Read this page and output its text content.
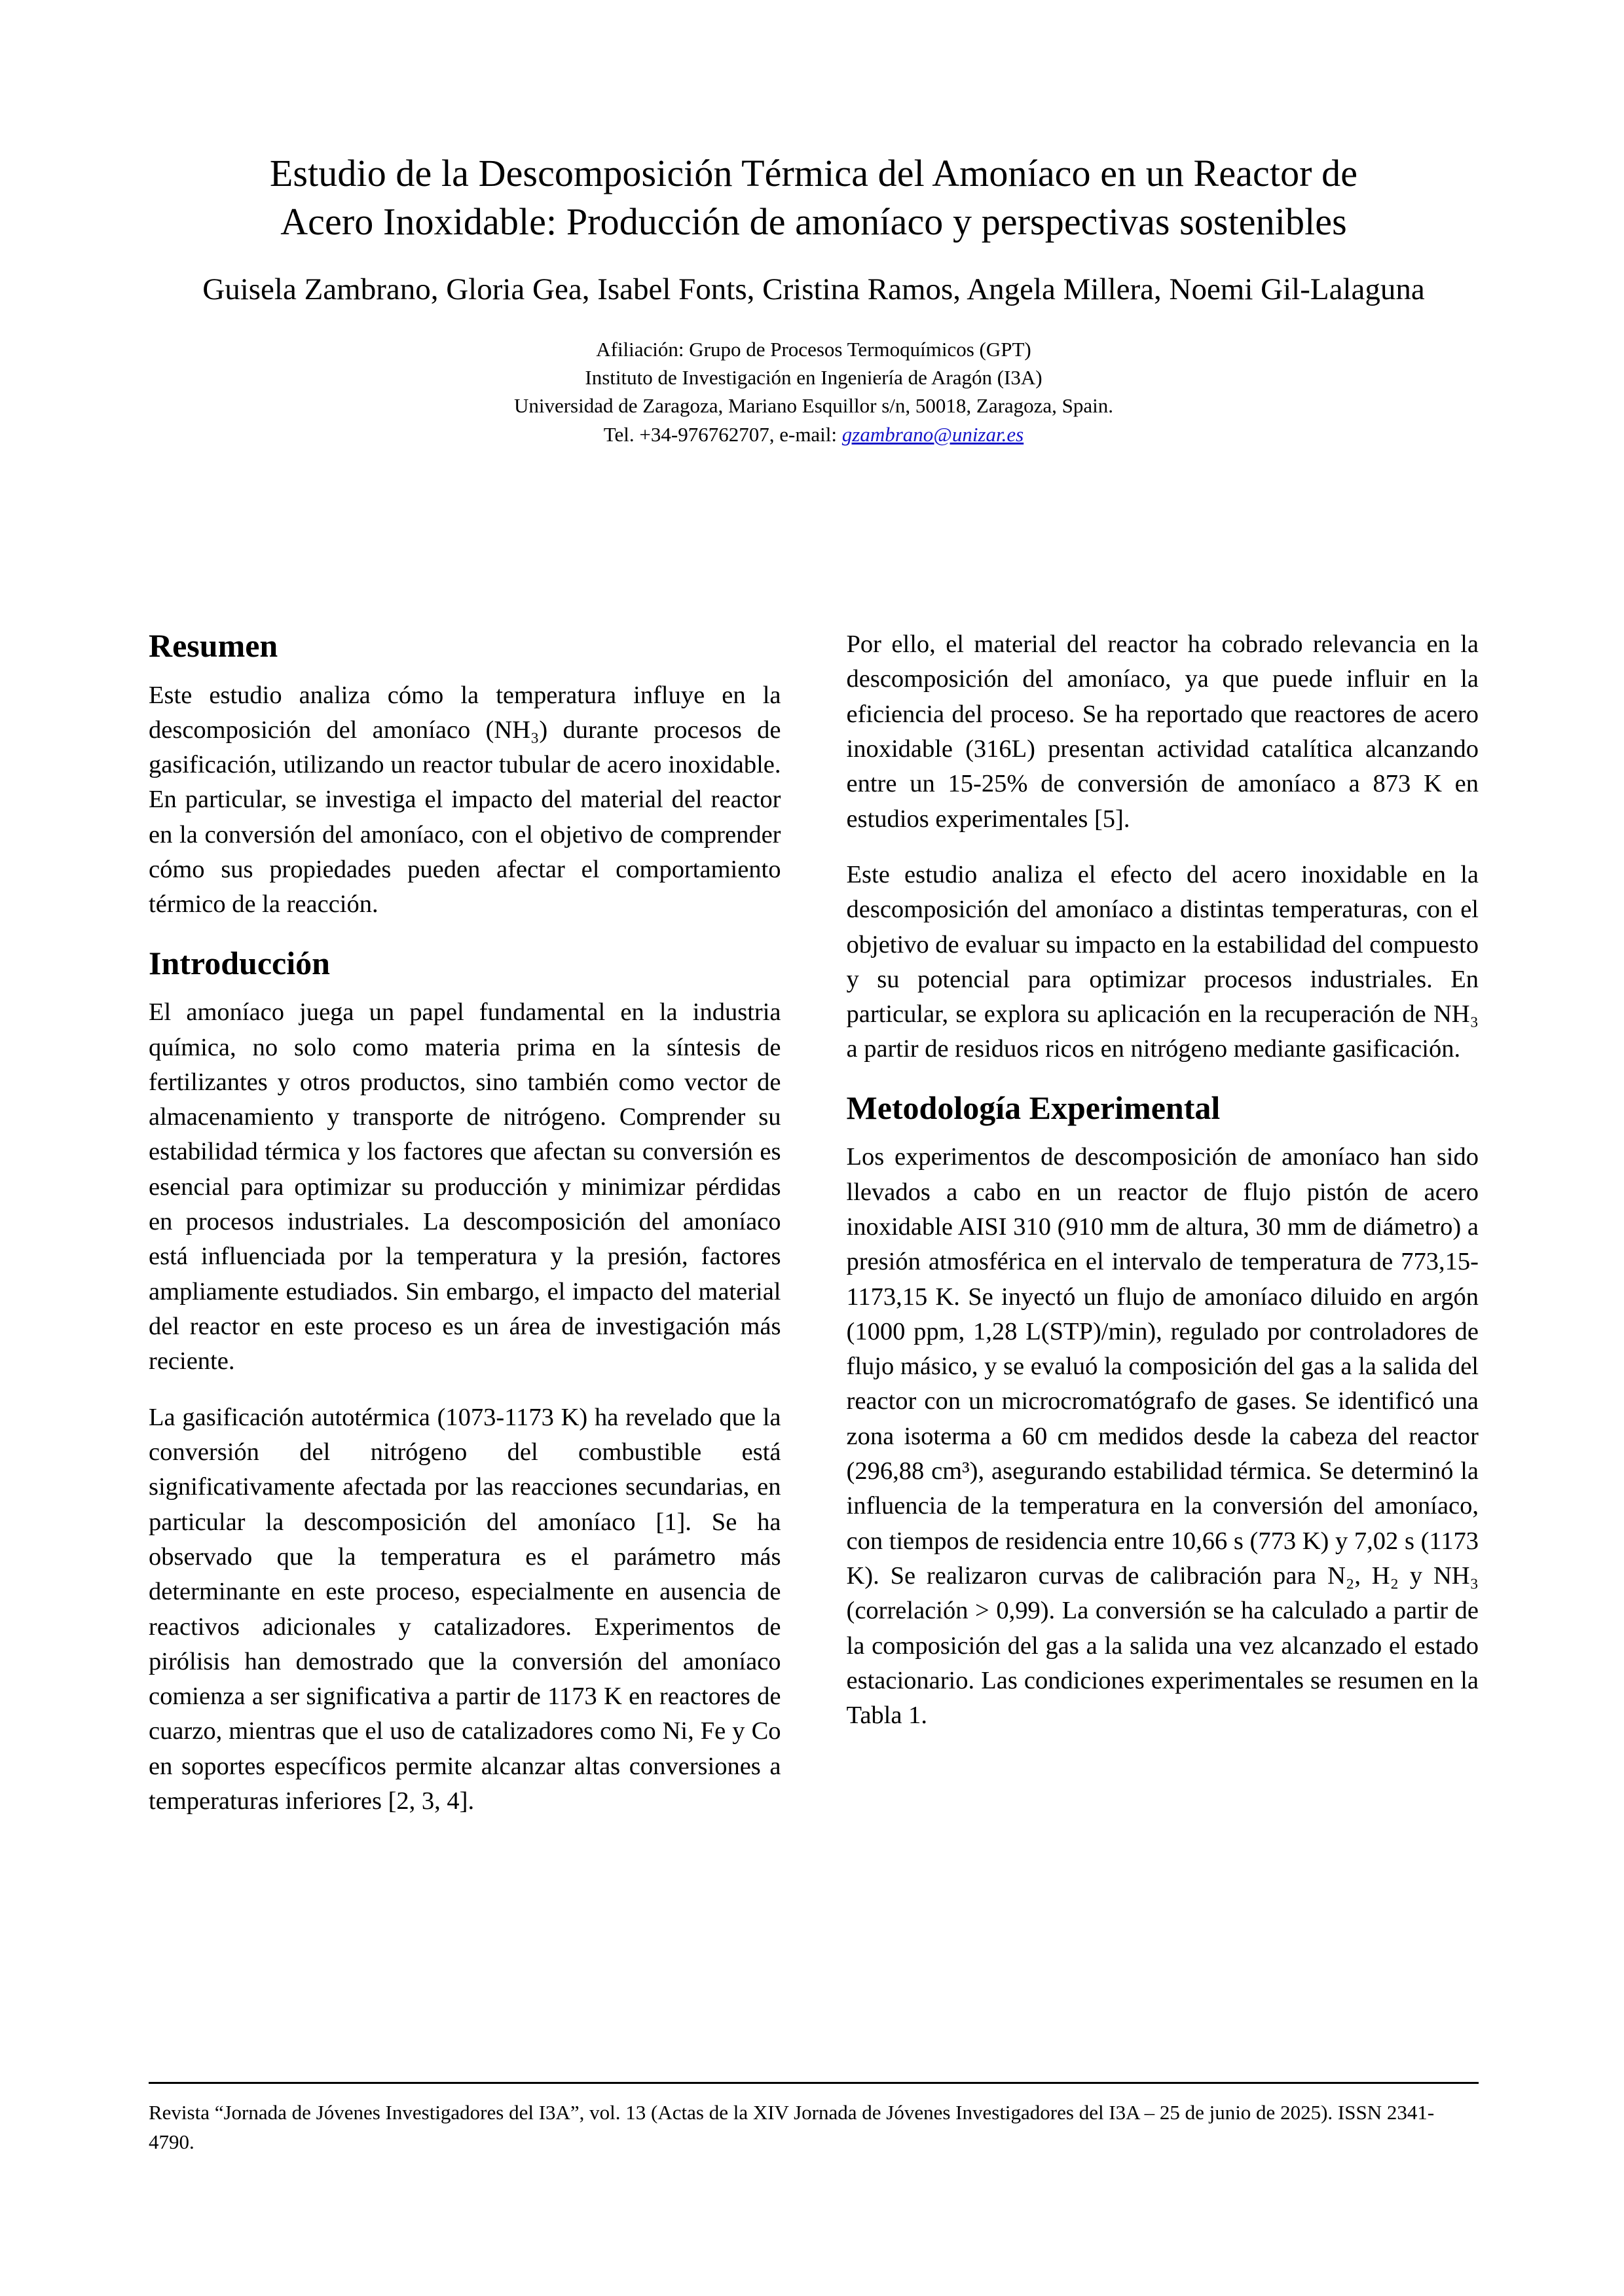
Estudio de la Descomposición Térmica del Amoníaco en un Reactor de Acero Inoxidable: Producción de amoníaco y perspectivas sostenibles
Guisela Zambrano, Gloria Gea, Isabel Fonts, Cristina Ramos, Angela Millera, Noemi Gil-Lalaguna
Afiliación: Grupo de Procesos Termoquímicos (GPT)
Instituto de Investigación en Ingeniería de Aragón (I3A)
Universidad de Zaragoza, Mariano Esquillor s/n, 50018, Zaragoza, Spain.
Tel. +34-976762707, e-mail: gzambrano@unizar.es
Resumen

Este estudio analiza cómo la temperatura influye en la descomposición del amoníaco (NH₃) durante procesos de gasificación, utilizando un reactor tubular de acero inoxidable. En particular, se investiga el impacto del material del reactor en la conversión del amoníaco, con el objetivo de comprender cómo sus propiedades pueden afectar el comportamiento térmico de la reacción.

Introducción

El amoníaco juega un papel fundamental en la industria química, no solo como materia prima en la síntesis de fertilizantes y otros productos, sino también como vector de almacenamiento y transporte de nitrógeno. Comprender su estabilidad térmica y los factores que afectan su conversión es esencial para optimizar su producción y minimizar pérdidas en procesos industriales. La descomposición del amoníaco está influenciada por la temperatura y la presión, factores ampliamente estudiados. Sin embargo, el impacto del material del reactor en este proceso es un área de investigación más reciente.

La gasificación autotérmica (1073-1173 K) ha revelado que la conversión del nitrógeno del combustible está significativamente afectada por las reacciones secundarias, en particular la descomposición del amoníaco [1]. Se ha observado que la temperatura es el parámetro más determinante en este proceso, especialmente en ausencia de reactivos adicionales y catalizadores. Experimentos de pirólisis han demostrado que la conversión del amoníaco comienza a ser significativa a partir de 1173 K en reactores de cuarzo, mientras que el uso de catalizadores como Ni, Fe y Co en soportes específicos permite alcanzar altas conversiones a temperaturas inferiores [2, 3, 4].

Por ello, el material del reactor ha cobrado relevancia en la descomposición del amoníaco, ya que puede influir en la eficiencia del proceso. Se ha reportado que reactores de acero inoxidable (316L) presentan actividad catalítica alcanzando entre un 15-25% de conversión de amoníaco a 873 K en estudios experimentales [5].

Este estudio analiza el efecto del acero inoxidable en la descomposición del amoníaco a distintas temperaturas, con el objetivo de evaluar su impacto en la estabilidad del compuesto y su potencial para optimizar procesos industriales. En particular, se explora su aplicación en la recuperación de NH₃ a partir de residuos ricos en nitrógeno mediante gasificación.

Metodología Experimental

Los experimentos de descomposición de amoníaco han sido llevados a cabo en un reactor de flujo pistón de acero inoxidable AISI 310 (910 mm de altura, 30 mm de diámetro) a presión atmosférica en el intervalo de temperatura de 773,15-1173,15 K. Se inyectó un flujo de amoníaco diluido en argón (1000 ppm, 1,28 L(STP)/min), regulado por controladores de flujo másico, y se evaluó la composición del gas a la salida del reactor con un microcromatógrafo de gases. Se identificó una zona isoterma a 60 cm medidos desde la cabeza del reactor (296,88 cm³), asegurando estabilidad térmica. Se determinó la influencia de la temperatura en la conversión del amoníaco, con tiempos de residencia entre 10,66 s (773 K) y 7,02 s (1173 K). Se realizaron curvas de calibración para N₂, H₂ y NH₃ (correlación > 0,99). La conversión se ha calculado a partir de la composición del gas a la salida una vez alcanzado el estado estacionario. Las condiciones experimentales se resumen en la Tabla 1.

Revista “Jornada de Jóvenes Investigadores del I3A”, vol. 13 (Actas de la XIV Jornada de Jóvenes Investigadores del I3A – 25 de junio de 2025). ISSN 2341-4790.
